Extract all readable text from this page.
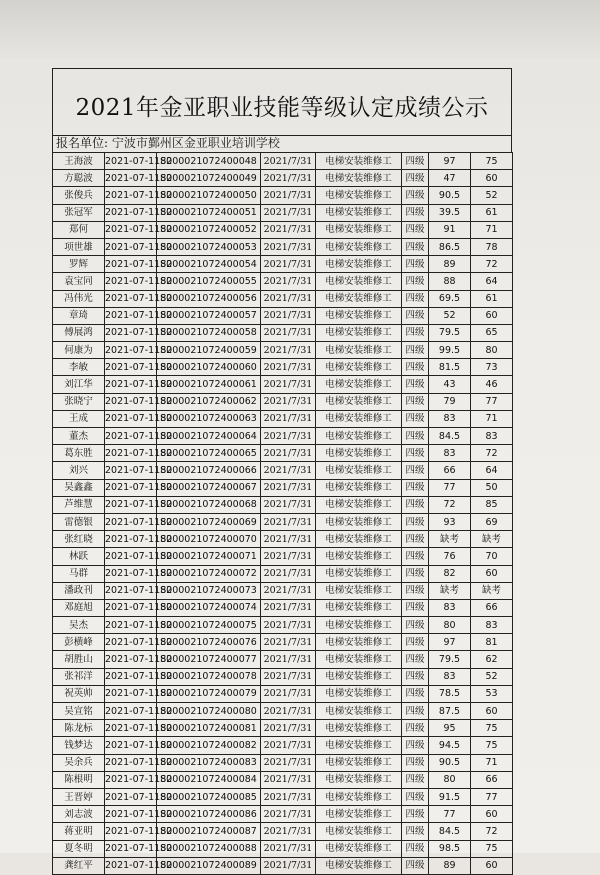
2021年金亚职业技能等级认定成绩公示
报名单位: 宁波市鄞州区金亚职业培训学校
王海波	2021-07-1182	S000021072400048	2021/7/31	电梯安装维修工	四级	97	75
方聪波	2021-07-1182	S000021072400049	2021/7/31	电梯安装维修工	四级	47	60
张俊兵	2021-07-1182	S000021072400050	2021/7/31	电梯安装维修工	四级	90.5	52
张冠军	2021-07-1182	S000021072400051	2021/7/31	电梯安装维修工	四级	39.5	61
郑何	2021-07-1182	S000021072400052	2021/7/31	电梯安装维修工	四级	91	71
项世雄	2021-07-1182	S000021072400053	2021/7/31	电梯安装维修工	四级	86.5	78
罗辉	2021-07-1182	S000021072400054	2021/7/31	电梯安装维修工	四级	89	72
袁宝同	2021-07-1182	S000021072400055	2021/7/31	电梯安装维修工	四级	88	64
冯伟光	2021-07-1182	S000021072400056	2021/7/31	电梯安装维修工	四级	69.5	61
章琦	2021-07-1182	S000021072400057	2021/7/31	电梯安装维修工	四级	52	60
傅展鸿	2021-07-1182	S000021072400058	2021/7/31	电梯安装维修工	四级	79.5	65
何康为	2021-07-1182	S000021072400059	2021/7/31	电梯安装维修工	四级	99.5	80
李敏	2021-07-1182	S000021072400060	2021/7/31	电梯安装维修工	四级	81.5	73
刘江华	2021-07-1182	S000021072400061	2021/7/31	电梯安装维修工	四级	43	46
张晓宁	2021-07-1182	S000021072400062	2021/7/31	电梯安装维修工	四级	79	77
王成	2021-07-1182	S000021072400063	2021/7/31	电梯安装维修工	四级	83	71
董杰	2021-07-1182	S000021072400064	2021/7/31	电梯安装维修工	四级	84.5	83
葛东胜	2021-07-1182	S000021072400065	2021/7/31	电梯安装维修工	四级	83	72
刘兴	2021-07-1182	S000021072400066	2021/7/31	电梯安装维修工	四级	66	64
吴鑫鑫	2021-07-1182	S000021072400067	2021/7/31	电梯安装维修工	四级	77	50
芦维慧	2021-07-1182	S000021072400068	2021/7/31	电梯安装维修工	四级	72	85
雷德银	2021-07-1182	S000021072400069	2021/7/31	电梯安装维修工	四级	93	69
张红晓	2021-07-1182	S000021072400070	2021/7/31	电梯安装维修工	四级	缺考	缺考
林跃	2021-07-1182	S000021072400071	2021/7/31	电梯安装维修工	四级	76	70
马群	2021-07-1182	S000021072400072	2021/7/31	电梯安装维修工	四级	82	60
潘政刊	2021-07-1182	S000021072400073	2021/7/31	电梯安装维修工	四级	缺考	缺考
邓庭旭	2021-07-1182	S000021072400074	2021/7/31	电梯安装维修工	四级	83	66
吴杰	2021-07-1182	S000021072400075	2021/7/31	电梯安装维修工	四级	80	83
彭横峰	2021-07-1182	S000021072400076	2021/7/31	电梯安装维修工	四级	97	81
胡胜山	2021-07-1182	S000021072400077	2021/7/31	电梯安装维修工	四级	79.5	62
张祁洋	2021-07-1182	S000021072400078	2021/7/31	电梯安装维修工	四级	83	52
祝英帅	2021-07-1182	S000021072400079	2021/7/31	电梯安装维修工	四级	78.5	53
吴宣铭	2021-07-1182	S000021072400080	2021/7/31	电梯安装维修工	四级	87.5	60
陈龙标	2021-07-1182	S000021072400081	2021/7/31	电梯安装维修工	四级	95	75
钱梦达	2021-07-1182	S000021072400082	2021/7/31	电梯安装维修工	四级	94.5	75
吴余兵	2021-07-1182	S000021072400083	2021/7/31	电梯安装维修工	四级	90.5	71
陈根明	2021-07-1182	S000021072400084	2021/7/31	电梯安装维修工	四级	80	66
王晋婷	2021-07-1182	S000021072400085	2021/7/31	电梯安装维修工	四级	91.5	77
刘志波	2021-07-1182	S000021072400086	2021/7/31	电梯安装维修工	四级	77	60
蒋亚明	2021-07-1182	S000021072400087	2021/7/31	电梯安装维修工	四级	84.5	72
夏冬明	2021-07-1182	S000021072400088	2021/7/31	电梯安装维修工	四级	98.5	75
龚红平	2021-07-1182	S000021072400089	2021/7/31	电梯安装维修工	四级	89	60
